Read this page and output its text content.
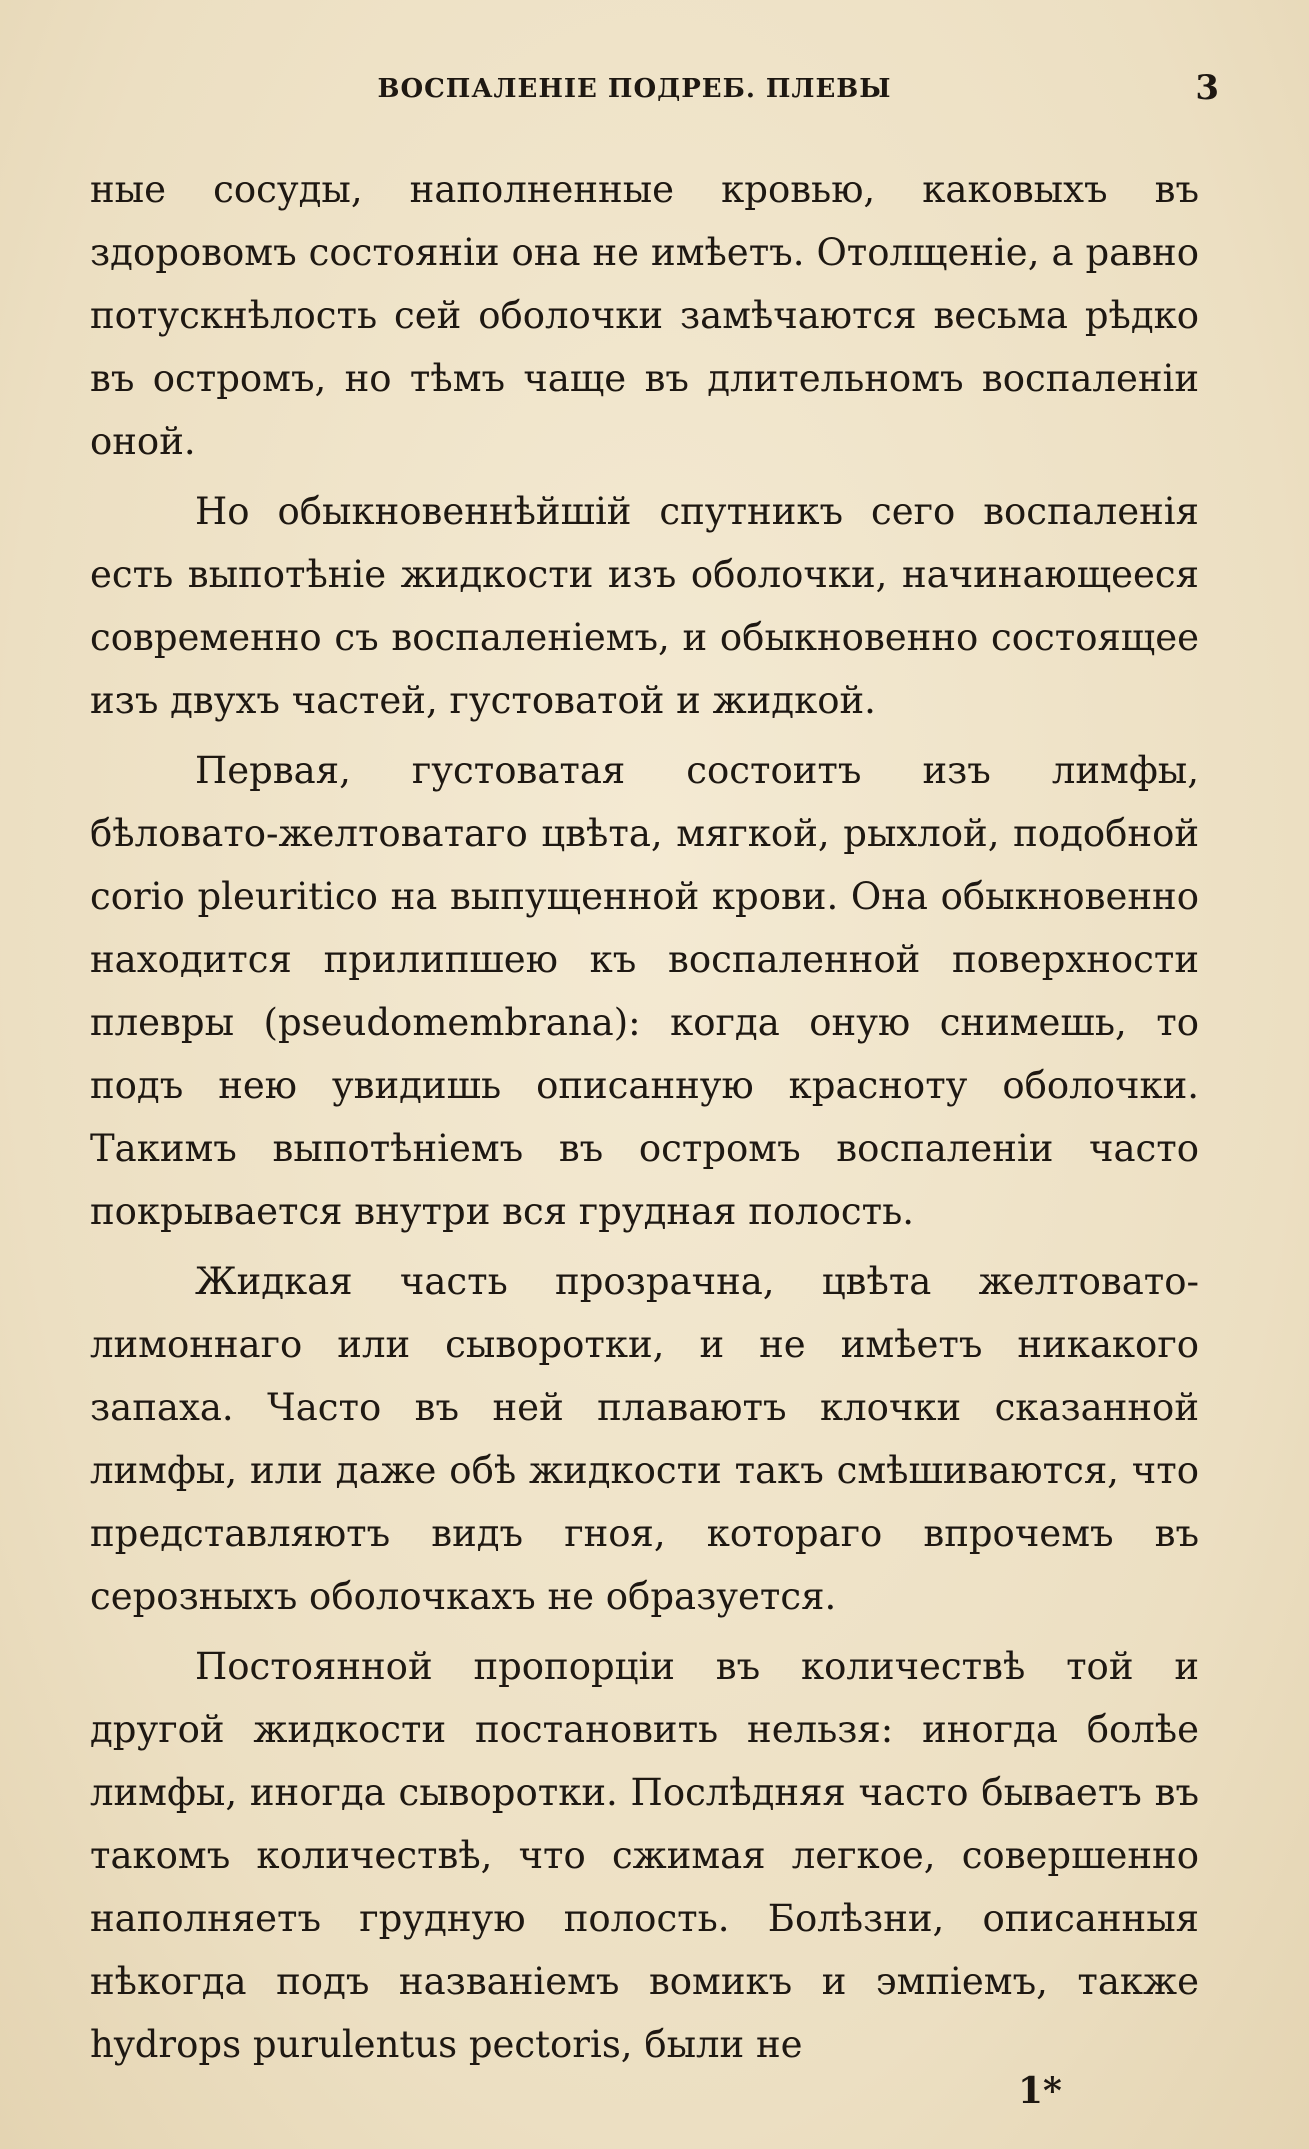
ВОСПАЛЕНІЕ ПОДРЕБ. ПЛЕВЫ	3

ные сосуды, наполненные кровью, каковыхъ въ здоровомъ состояніи она не имѣетъ. Отолщеніе, а равно потускнѣлость сей оболочки замѣчаются весьма рѣдко въ остромъ, но тѣмъ чаще въ длительномъ воспаленіи оной.

Но обыкновеннѣйшій спутникъ сего воспаленія есть выпотѣніе жидкости изъ оболочки, начинающееся современно съ воспаленіемъ, и обыкновенно состоящее изъ двухъ частей, густоватой и жидкой.

Первая, густоватая состоитъ изъ лимфы, бѣловато-желтоватаго цвѣта, мягкой, рыхлой, подобной corio pleuritico на выпущенной крови. Она обыкновенно находится прилипшею къ воспаленной поверхности плевры (pseudomembrana): когда оную снимешь, то подъ нею увидишь описанную красноту оболочки. Такимъ выпотѣніемъ въ остромъ воспаленіи часто покрывается внутри вся грудная полость.

Жидкая часть прозрачна, цвѣта желтовато-лимоннаго или сыворотки, и не имѣетъ никакого запаха. Часто въ ней плаваютъ клочки сказанной лимфы, или даже обѣ жидкости такъ смѣшиваются, что представляютъ видъ гноя, котораго впрочемъ въ серозныхъ оболочкахъ не образуется.

Постоянной пропорціи въ количествѣ той и другой жидкости постановить нельзя: иногда болѣе лимфы, иногда сыворотки. Послѣдняя часто бываетъ въ такомъ количествѣ, что сжимая легкое, совершенно наполняетъ грудную полость. Болѣзни, описанныя нѣкогда подъ названіемъ вомикъ и эмпіемъ, также hydrops purulentus pectoris, были не

1*
